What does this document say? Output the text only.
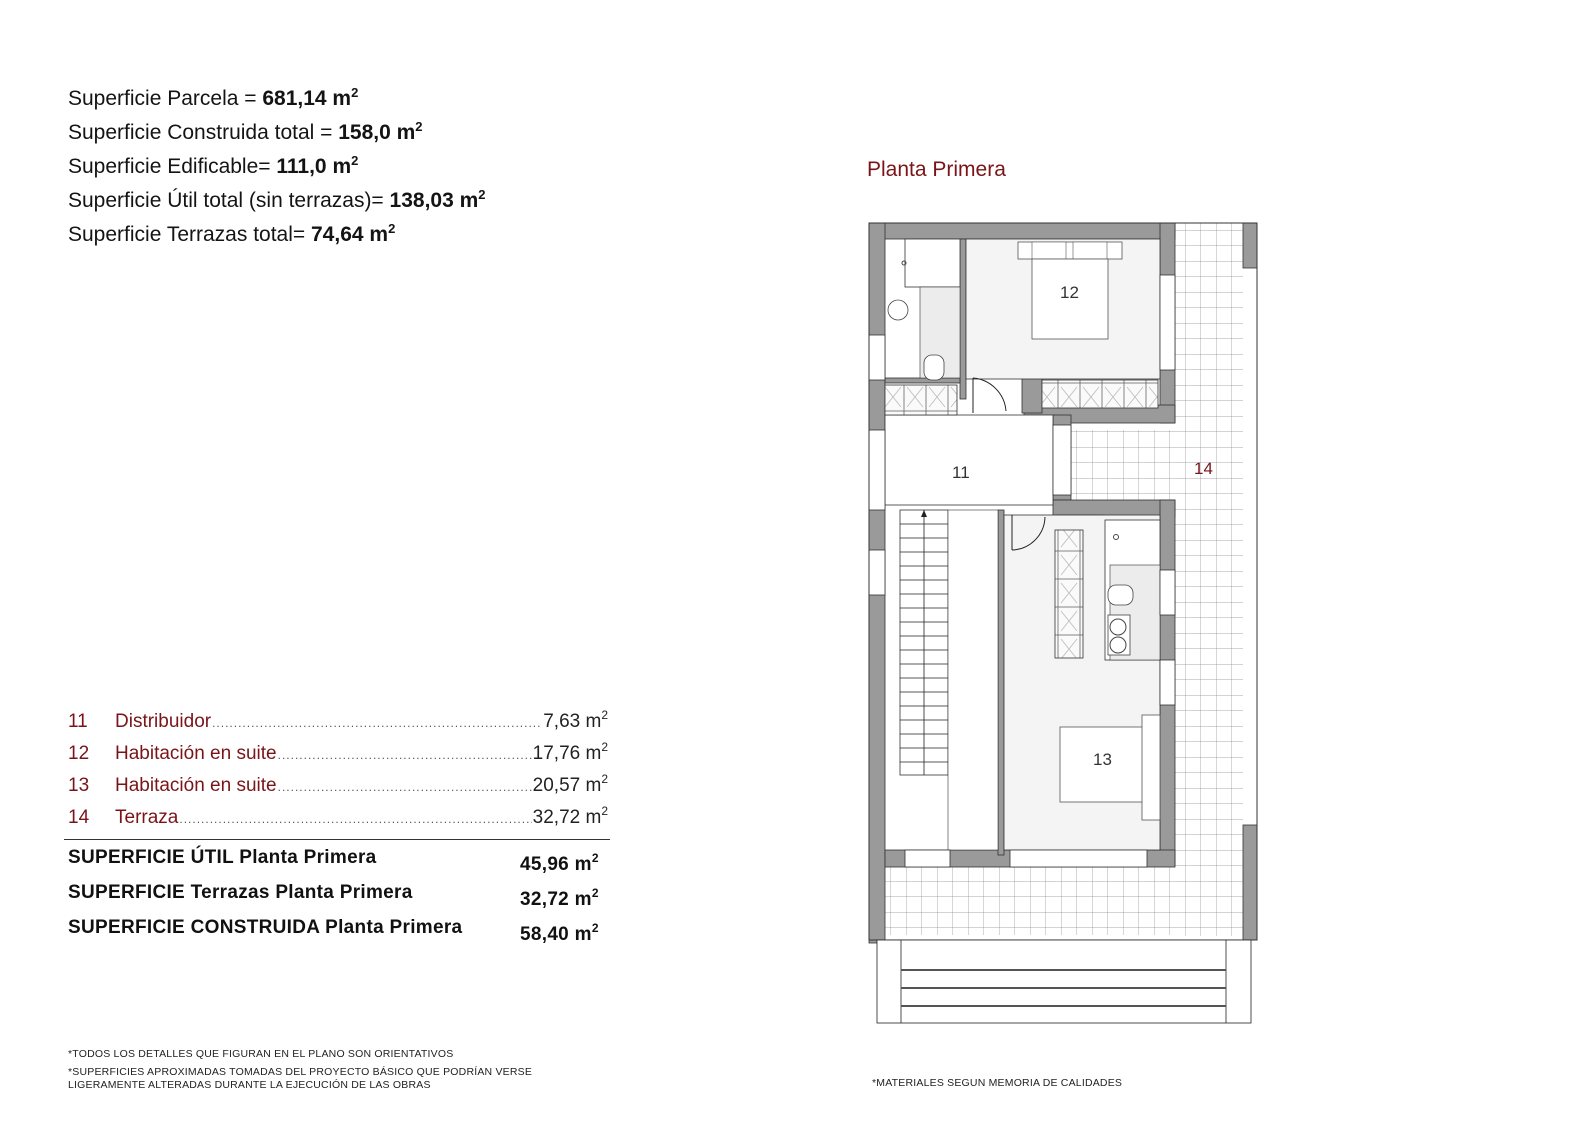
Superficie Parcela = 681,14 $m^2$
Superficie Construida total = 158,0 $m^2$
Superficie Edificable= 111,0 $m^2$
Superficie Útil total (sin terrazas)= 138,03 $m^2$
Superficie Terrazas total= 74,64 $m^2$
Planta Primera
11	Distribuidor .....	7,63 $m^2$
12	Habitación en suite .....	17,76 $m^2$
13	Habitación en suite .....	20,57 $m^2$
14	Terraza .....	32,72 $m^2$
SUPERFICIE ÚTIL Planta Primera	45,96 $m^2$
SUPERFICIE Terrazas Planta Primera	32,72 $m^2$
SUPERFICIE CONSTRUIDA Planta Primera	58,40 $m^2$
*TODOS LOS DETALLES QUE FIGURAN EN EL PLANO SON ORIENTATIVOS
*SUPERFICIES APROXIMADAS TOMADAS DEL PROYECTO BÁSICO QUE PODRÍAN VERSE
LIGERAMENTE ALTERADAS DURANTE LA EJECUCIÓN DE LAS OBRAS	*MATERIALES SEGUN MEMORIA DE CALIDADES
12
11	14
13
